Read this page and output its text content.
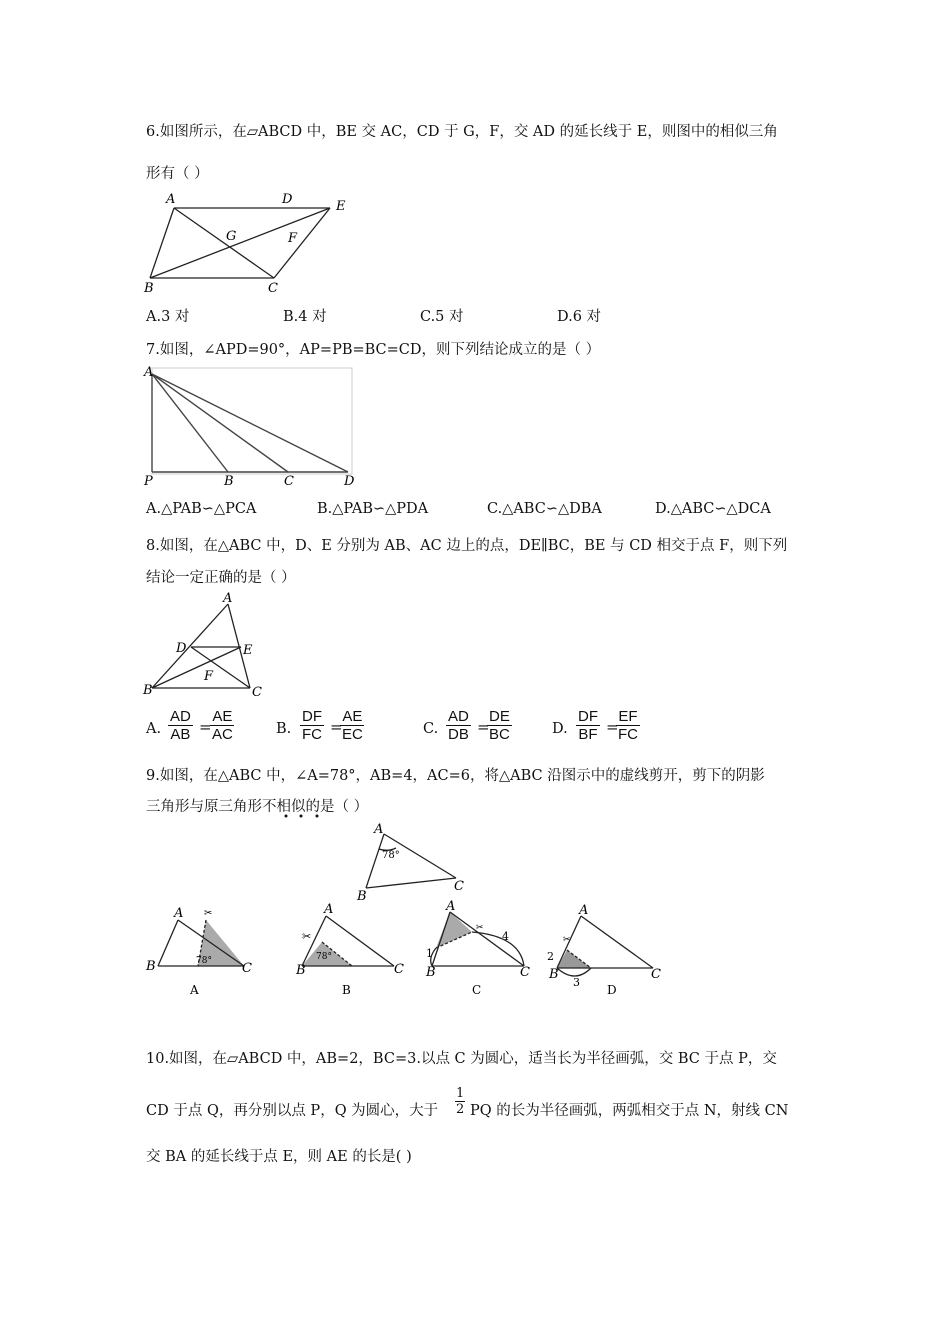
6.如图所示，在▱ABCD 中，BE 交 AC，CD 于 G，F，交 AD 的延长线于 E，则图中的相似三角
形有（ ）
A	D	E
G	F
B	C
A.3 对	B.4 对	C.5 对	D.6 对
7.如图，∠APD=90°，AP=PB=BC=CD，则下列结论成立的是（ ）
A
P	B	C	D
A.△PAB∽△PCA	B.△PAB∽△PDA	C.△ABC∽△DBA	D.△ABC∽△DCA
8.如图，在△ABC 中，D、E 分别为 AB、AC 边上的点，DE∥BC，BE 与 CD 相交于点 F，则下列
结论一定正确的是（ ）
A
D	E
F
B	C
A. $\frac{AD}{AB}$ =
$\frac{AE}{AC}$	B. $\frac{DF}{FC}$ =
$\frac{AE}{EC}$	C. $\frac{AD}{DB}$ =
$\frac{DE}{BC}$	D. $\frac{DF}{BF}$ =
$\frac{EF}{FC}$
9.如图，在△ABC 中，∠A=78°，AB=4，AC=6，将△ABC 沿图示中的虚线剪开，剪下的阴影
三角形与原三角形不相似的是（ ）
A
78°
B
C
✂
A
B	C
78°
A
✂
A
B	C
78°
B
✂
A
B	C
1
4
C
✂
A
B	C
2
3
D
10.如图，在▱ABCD 中，AB=2，BC=3.以点 C 为圆心，适当长为半径画弧，交 BC 于点 P，交
CD 于点 Q，再分别以点 P，Q 为圆心，大于 $\frac{1}{2}$ PQ 的长为半径画弧，两弧相交于点 N，射线 CN
交 BA 的延长线于点 E，则 AE 的长是( )
